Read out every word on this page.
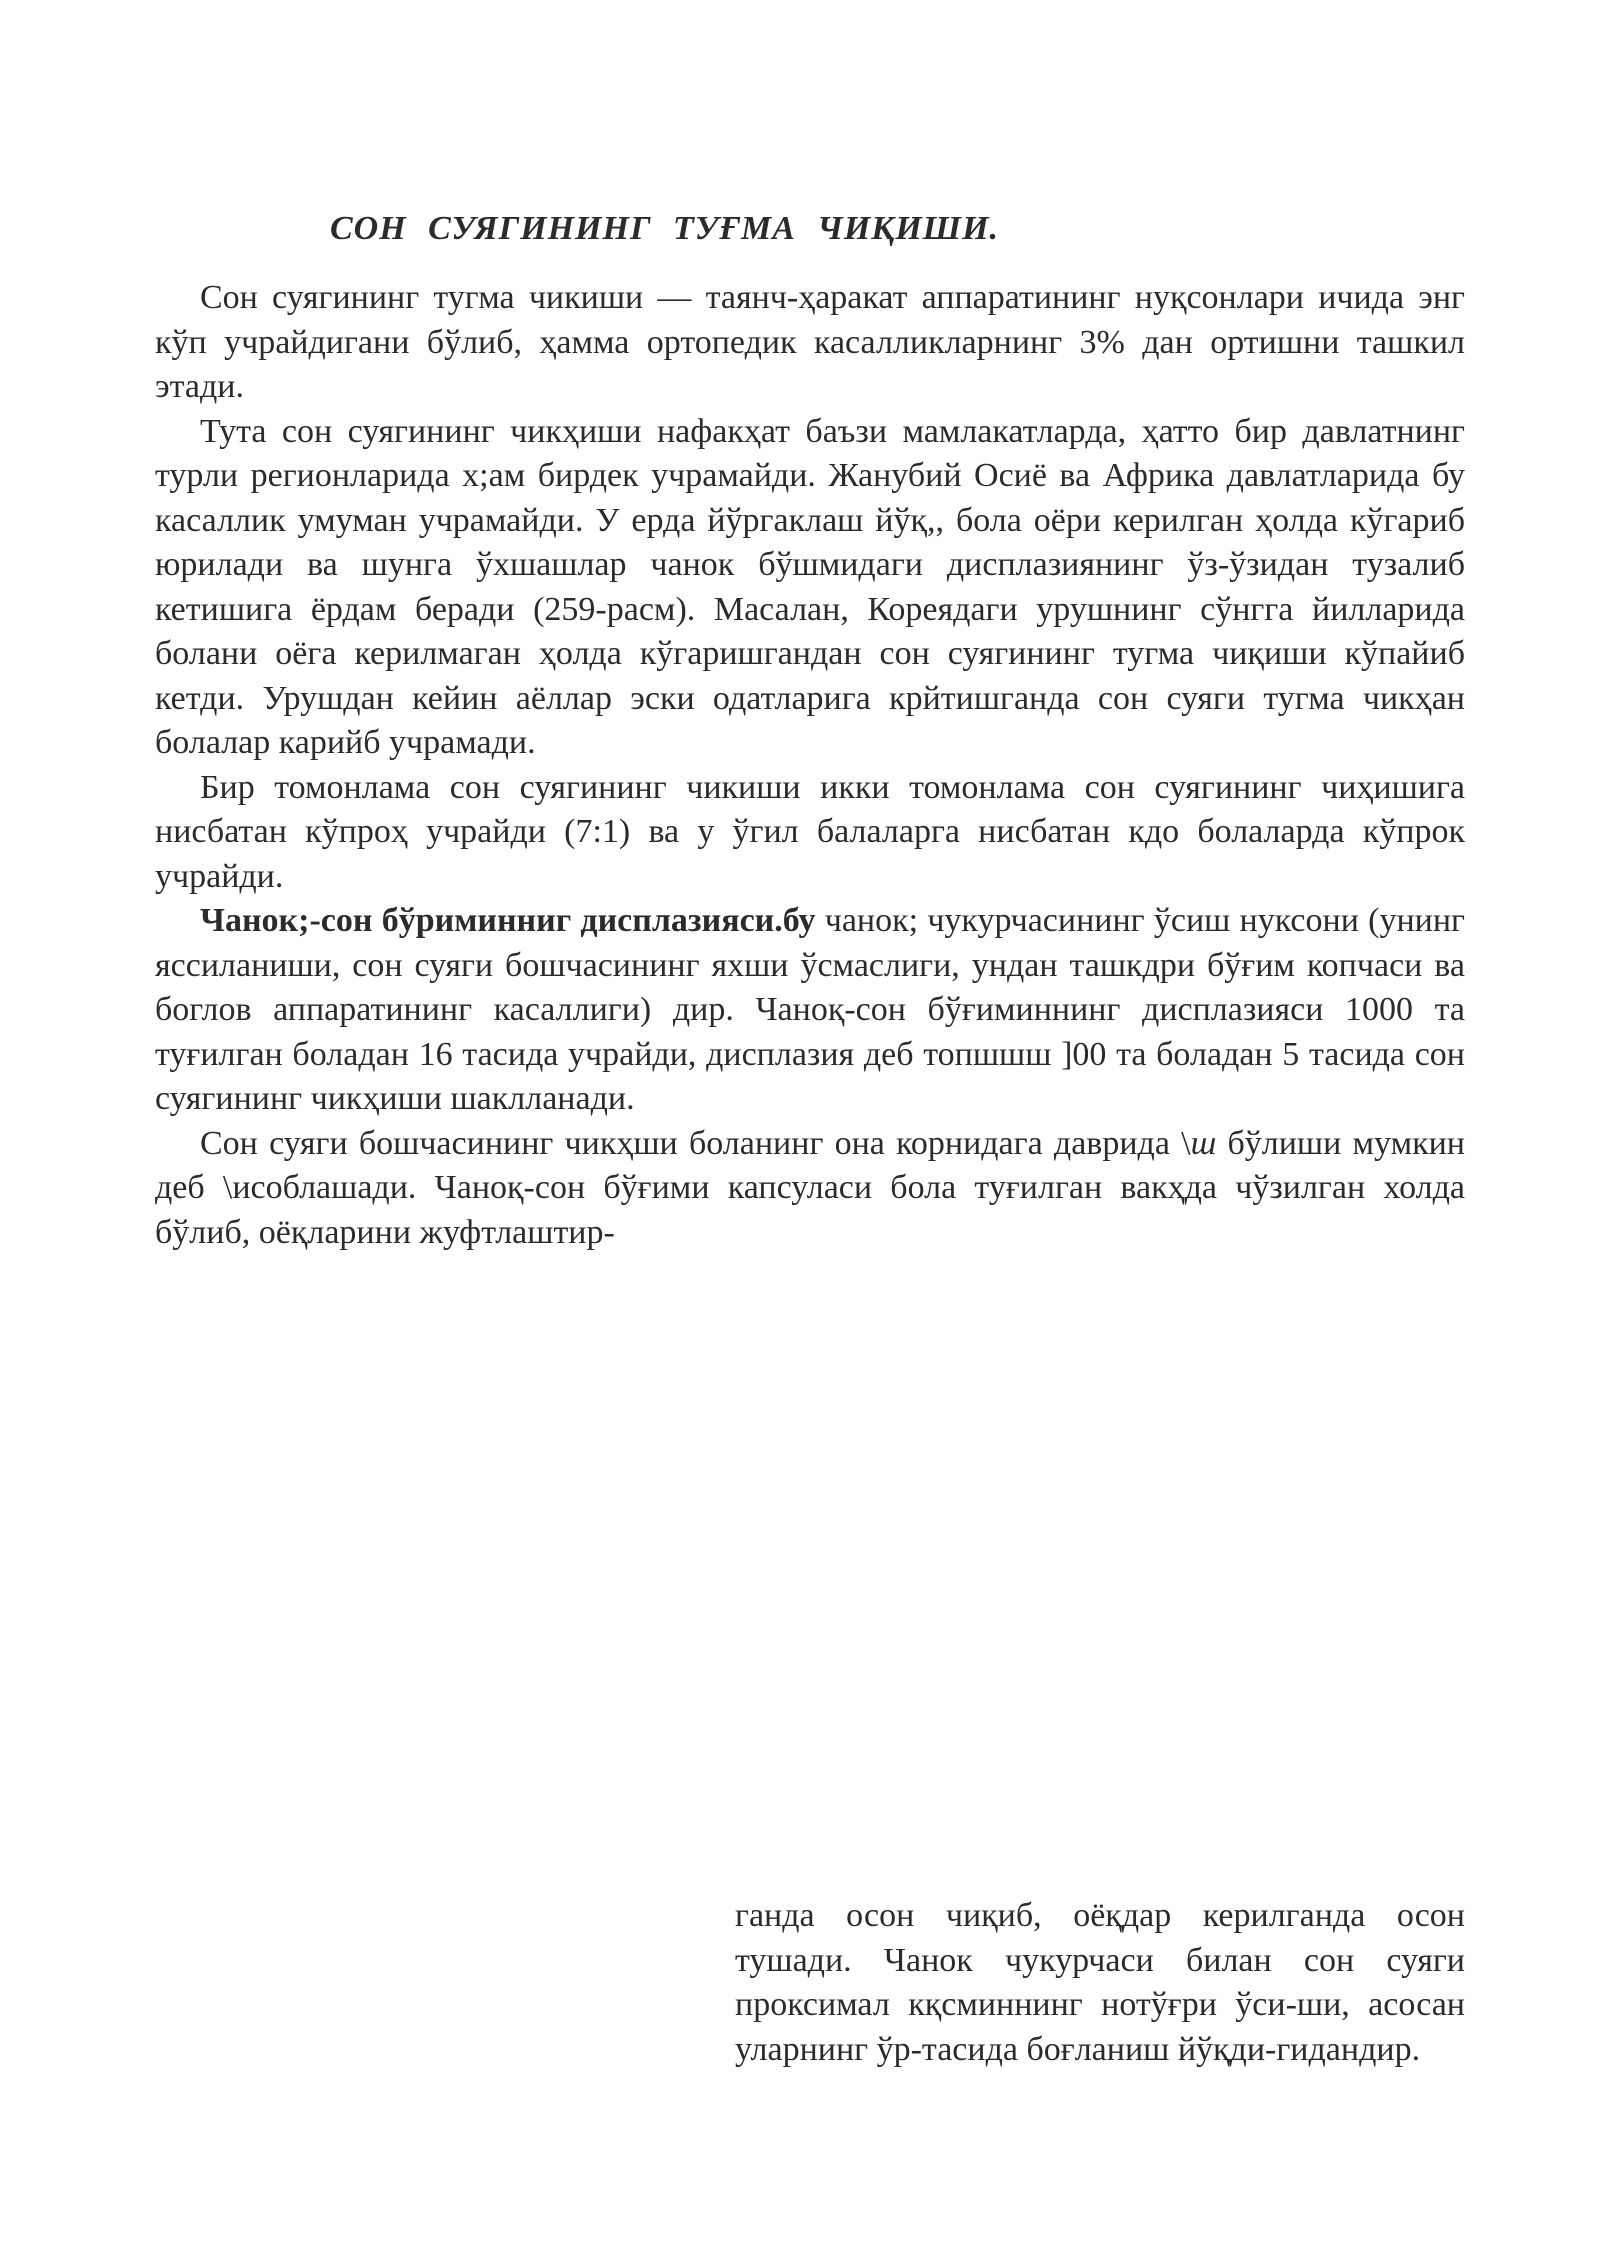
СОН СУЯГИНИНГ ТУҒМА ЧИҚИШИ.

Сон суягининг тугма чикиши — таянч-ҳаракат аппаратининг нуқсонлари ичида энг кўп учрайдигани бўлиб, ҳамма ортопедик касалликларнинг 3% дан ортишни ташкил этади.

Тута сон суягининг чикҳиши нафакҳат баъзи мамлакатларда, ҳатто бир давлатнинг турли регионларида х;ам бирдек учрамайди. Жанубий Осиё ва Африка давлатларида бу касаллик умуман учрамайди. У ерда йўргаклаш йўқ,, бола оёри керилган ҳолда кўгариб юрилади ва шунга ўхшашлар чанок бўшмидаги дисплазиянинг ўз-ўзидан тузалиб кетишига ёрдам беради (259-расм). Масалан, Кореядаги урушнинг сўнгга йилларида болани оёга керилмаган ҳолда кўгаришгандан сон суягининг тугма чиқиши кўпайиб кетди. Урушдан кейин аёллар эски одатларига крйтишганда сон суяги тугма чикҳан болалар карийб учрамади.

Бир томонлама сон суягининг чикиши икки томонлама сон суягининг чиҳишига нисбатан кўпроҳ учрайди (7:1) ва у ўгил балаларга нисбатан кдо болаларда кўпрок учрайди.

Чанок;-сон бўриминниг дисплазияси.бу чанок; чукурчасининг ўсиш нуксони (унинг яссиланиши, сон суяги бошчасининг яхши ўсмаслиги, ундан ташкдри бўғим копчаси ва боглов аппаратининг касаллиги) дир. Чаноқ-сон бўғиминнинг дисплазияси 1000 та туғилган боладан 16 тасида учрайди, дисплазия деб топшшш ]00 та боладан 5 тасида сон суягининг чикҳиши шаклланади.

Сон суяги бошчасининг чикҳши боланинг она корнидагa даврида \ш бўлиши мумкин деб \исоблашади. Чаноқ-сон бўғими капсуласи бола туғилган вакҳда чўзилган холда бўлиб, оёқларини жуфтлаштир-

ганда осон чиқиб, оёқдар керилганда осон тушади. Чанок чукурчаси билан сон суяги проксимал кқсминнинг нотўғри ўси-ши, асосан уларнинг ўр-тасида боғланиш йўқди-гидандир.
